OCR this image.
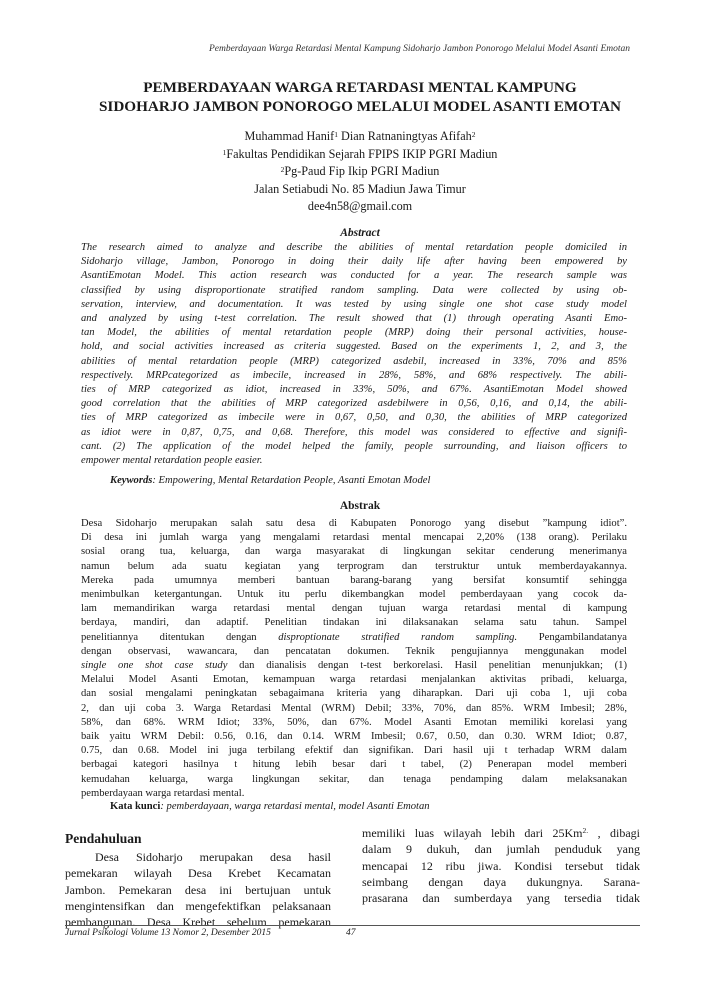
Pemberdayaan Warga Retardasi Mental Kampung Sidoharjo Jambon Ponorogo Melalui Model Asanti Emotan
PEMBERDAYAAN WARGA RETARDASI MENTAL KAMPUNG
SIDOHARJO JAMBON PONOROGO MELALUI MODEL ASANTI EMOTAN
Muhammad Hanif$^1$ Dian Ratnaningtyas Afifah$^2$
$^1$Fakultas Pendidikan Sejarah FPIPS IKIP PGRI Madiun
$^2$Pg-Paud Fip Ikip PGRI Madiun
Jalan Setiabudi No. 85 Madiun Jawa Timur
dee4n58@gmail.com
Abstract
The research aimed to analyze and describe the abilities of mental retardation people domiciled in
Sidoharjo village, Jambon, Ponorogo in doing their daily life after having been empowered by
AsantiEmotan Model. This action research was conducted for a year. The research sample was
classified by using disproportionate stratified random sampling. Data were collected by using ob-
servation, interview, and documentation. It was tested by using single one shot case study model
and analyzed by using t-test correlation. The result showed that (1) through operating Asanti Emo-
tan Model, the abilities of mental retardation people (MRP) doing their personal activities, house-
hold, and social activities increased as criteria suggested. Based on the experiments 1, 2, and 3, the
abilities of mental retardation people (MRP) categorized asdebil, increased in 33%, 70% and 85%
respectively. MRPcategorized as imbecile, increased in 28%, 58%, and 68% respectively. The abili-
ties of MRP categorized as idiot, increased in 33%, 50%, and 67%. AsantiEmotan Model showed
good correlation that the abilities of MRP categorized asdebilwere in 0,56, 0,16, and 0,14, the abili-
ties of MRP categorized as imbecile were in 0,67, 0,50, and 0,30, the abilities of MRP categorized
as idiot were in 0,87, 0,75, and 0,68. Therefore, this model was considered to effective and signifi-
cant. (2) The application of the model helped the family, people surrounding, and liaison officers to
empower mental retardation people easier.
Keywords: Empowering, Mental Retardation People, Asanti Emotan Model
Abstrak
Desa Sidoharjo merupakan salah satu desa di Kabupaten Ponorogo yang disebut ”kampung idiot”.
Di desa ini jumlah warga yang mengalami retardasi mental mencapai 2,20% (138 orang). Perilaku
sosial orang tua, keluarga, dan warga masyarakat di lingkungan sekitar cenderung menerimanya
namun belum ada suatu kegiatan yang terprogram dan terstruktur untuk memberdayakannya.
Mereka pada umumnya memberi bantuan barang-barang yang bersifat konsumtif sehingga
menimbulkan ketergantungan. Untuk itu perlu dikembangkan model pemberdayaan yang cocok da-
lam memandirikan warga retardasi mental dengan tujuan warga retardasi mental di kampung
berdaya, mandiri, dan adaptif. Penelitian tindakan ini dilaksanakan selama satu tahun. Sampel
penelitiannya ditentukan dengan disproptionate stratified random sampling. Pengambilandatanya
dengan observasi, wawancara, dan pencatatan dokumen. Teknik pengujiannya menggunakan model
single one shot case study dan dianalisis dengan t-test berkorelasi. Hasil penelitian menunjukkan; (1)
Melalui Model Asanti Emotan, kemampuan warga retardasi menjalankan aktivitas pribadi, keluarga,
dan sosial mengalami peningkatan sebagaimana kriteria yang diharapkan. Dari uji coba 1, uji coba
2, dan uji coba 3. Warga Retardasi Mental (WRM) Debil; 33%, 70%, dan 85%. WRM Imbesil; 28%,
58%, dan 68%. WRM Idiot; 33%, 50%, dan 67%. Model Asanti Emotan memiliki korelasi yang
baik yaitu WRM Debil: 0.56, 0.16, dan 0.14. WRM Imbesil; 0.67, 0.50, dan 0.30. WRM Idiot; 0.87,
0.75, dan 0.68. Model ini juga terbilang efektif dan signifikan. Dari hasil uji t terhadap WRM dalam
berbagai kategori hasilnya t hitung lebih besar dari t tabel, (2) Penerapan model memberi
kemudahan keluarga, warga lingkungan sekitar, dan tenaga pendamping dalam melaksanakan
pemberdayaan warga retardasi mental.
Kata kunci: pemberdayaan, warga retardasi mental, model Asanti Emotan
Pendahuluan
Desa Sidoharjo merupakan desa hasil
pemekaran wilayah Desa Krebet Kecamatan
Jambon. Pemekaran desa ini bertujuan untuk
mengintensifkan dan mengefektifkan pelaksanaan
pembangunan. Desa Krebet sebelum pemekaran
memiliki luas wilayah lebih dari $25Km^{2.}$ , dibagi
dalam 9 dukuh, dan jumlah penduduk yang
mencapai 12 ribu jiwa. Kondisi tersebut tidak
seimbang dengan daya dukungnya. Sarana-
prasarana dan sumberdaya yang tersedia tidak
Jurnal Psikologi Volume 13 Nomor 2, Desember 2015	47
